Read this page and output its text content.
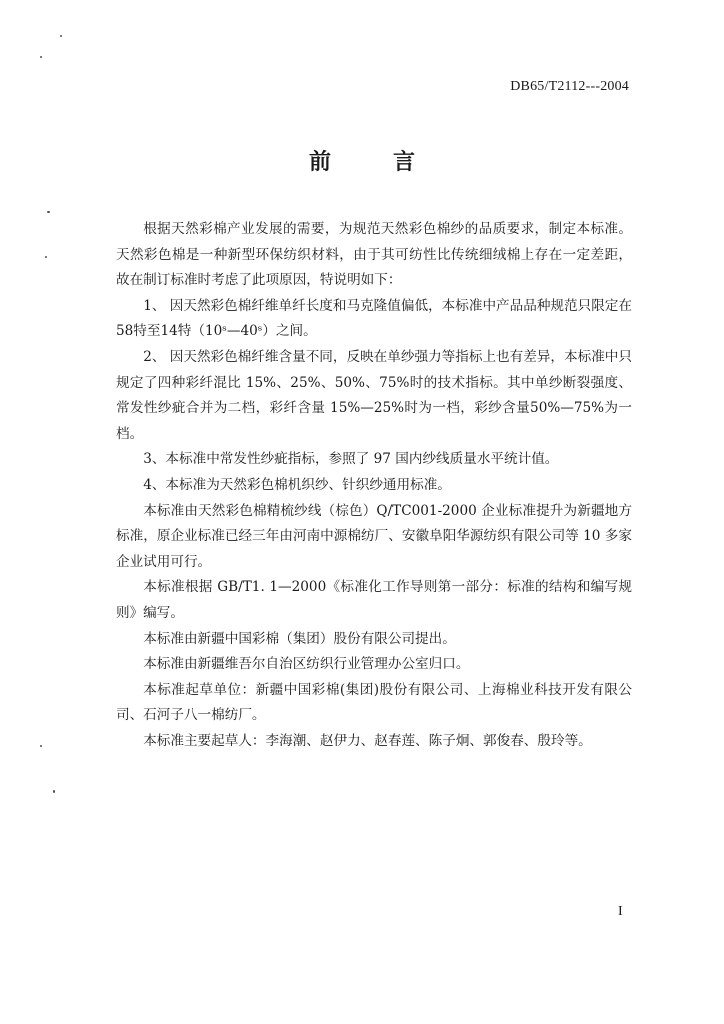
DB65/T2112---2004
前	言

根据天然彩棉产业发展的需要，为规范天然彩色棉纱的品质要求，制定本标准。天然彩色棉是一种新型环保纺织材料，由于其可纺性比传统细绒棉上存在一定差距，故在制订标准时考虑了此项原因，特说明如下：

1、 因天然彩色棉纤维单纤长度和马克隆值偏低，本标准中产品品种规范只限定在58特至14特（10ˢ—40ˢ）之间。

2、 因天然彩色棉纤维含量不同，反映在单纱强力等指标上也有差异，本标准中只规定了四种彩纤混比 15%、25%、50%、75%时的技术指标。其中单纱断裂强度、常发性纱疵合并为二档，彩纤含量 15%—25%时为一档，彩纱含量50%—75%为一档。

3、本标准中常发性纱疵指标，参照了 97 国内纱线质量水平统计值。

4、本标准为天然彩色棉机织纱、针织纱通用标准。

本标准由天然彩色棉精梳纱线（棕色）Q/TC001-2000 企业标准提升为新疆地方标准，原企业标准已经三年由河南中源棉纺厂、安徽阜阳华源纺织有限公司等 10 多家企业试用可行。

本标准根据 GB/T1. 1—2000《标准化工作导则第一部分：标准的结构和编写规则》编写。

本标准由新疆中国彩棉（集团）股份有限公司提出。

本标准由新疆维吾尔自治区纺织行业管理办公室归口。

本标准起草单位：新疆中国彩棉(集团)股份有限公司、上海棉业科技开发有限公司、石河子八一棉纺厂。

本标准主要起草人：李海潮、赵伊力、赵春莲、陈子炯、郭俊春、殷玲等。

I
